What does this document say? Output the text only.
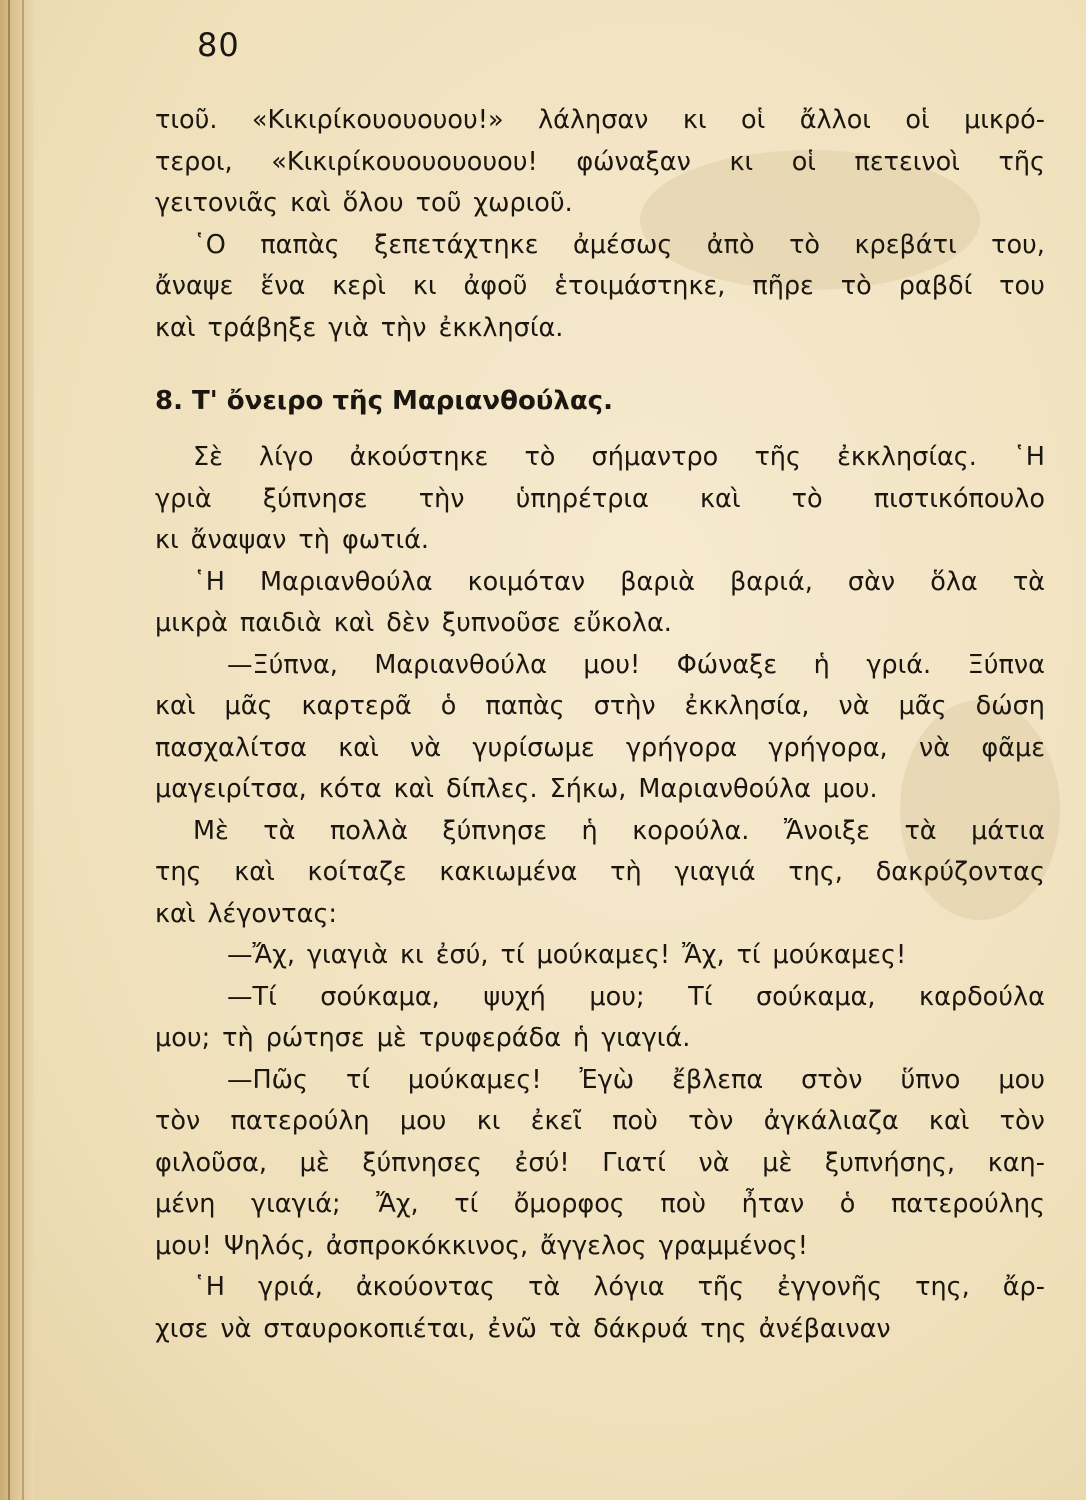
80
τιοῦ. «Κικιρίκουουουου!» λάλησαν κι οἱ ἄλλοι οἱ μικρό-
τεροι, «Κικιρίκουουουουου! φώναξαν κι οἱ πετεινοὶ τῆς
γειτονιᾶς καὶ ὅλου τοῦ χωριοῦ.
῾Ο παπὰς ξεπετάχτηκε ἀμέσως ἀπὸ τὸ κρεβάτι του,
ἄναψε ἕνα κερὶ κι ἀφοῦ ἑτοιμάστηκε, πῆρε τὸ ραβδί του
καὶ τράβηξε γιὰ τὴν ἐκκλησία.
8. Τ' ὄνειρο τῆς Μαριανθούλας.
Σὲ λίγο ἀκούστηκε τὸ σήμαντρο τῆς ἐκκλησίας. ῾Η
γριὰ ξύπνησε τὴν ὑπηρέτρια καὶ τὸ πιστικόπουλο
κι ἄναψαν τὴ φωτιά.
῾Η Μαριανθούλα κοιμόταν βαριὰ βαριά, σὰν ὅλα τὰ
μικρὰ παιδιὰ καὶ δὲν ξυπνοῦσε εὔκολα.
—Ξύπνα, Μαριανθούλα μου! Φώναξε ἡ γριά. Ξύπνα
καὶ μᾶς καρτερᾶ ὁ παπὰς στὴν ἐκκλησία, νὰ μᾶς δώση
πασχαλίτσα καὶ νὰ γυρίσωμε γρήγορα γρήγορα, νὰ φᾶμε
μαγειρίτσα, κότα καὶ δίπλες. Σήκω, Μαριανθούλα μου.
Μὲ τὰ πολλὰ ξύπνησε ἡ κορούλα. Ἄνοιξε τὰ μάτια
της καὶ κοίταζε κακιωμένα τὴ γιαγιά της, δακρύζοντας
καὶ λέγοντας:
—Ἄχ, γιαγιὰ κι ἐσύ, τί μούκαμες! Ἄχ, τί μούκαμες!
—Τί σούκαμα, ψυχή μου; Τί σούκαμα, καρδούλα
μου; τὴ ρώτησε μὲ τρυφεράδα ἡ γιαγιά.
—Πῶς τί μούκαμες! Ἐγὼ ἔβλεπα στὸν ὕπνο μου
τὸν πατερούλη μου κι ἐκεῖ ποὺ τὸν ἀγκάλιαζα καὶ τὸν
φιλοῦσα, μὲ ξύπνησες ἐσύ! Γιατί νὰ μὲ ξυπνήσης, καη-
μένη γιαγιά; Ἄχ, τί ὄμορφος ποὺ ἦταν ὁ πατερούλης
μου! Ψηλός, ἀσπροκόκκινος, ἄγγελος γραμμένος!
῾Η γριά, ἀκούοντας τὰ λόγια τῆς ἐγγονῆς της, ἄρ-
χισε νὰ σταυροκοπιέται, ἐνῶ τὰ δάκρυά της ἀνέβαιναν
